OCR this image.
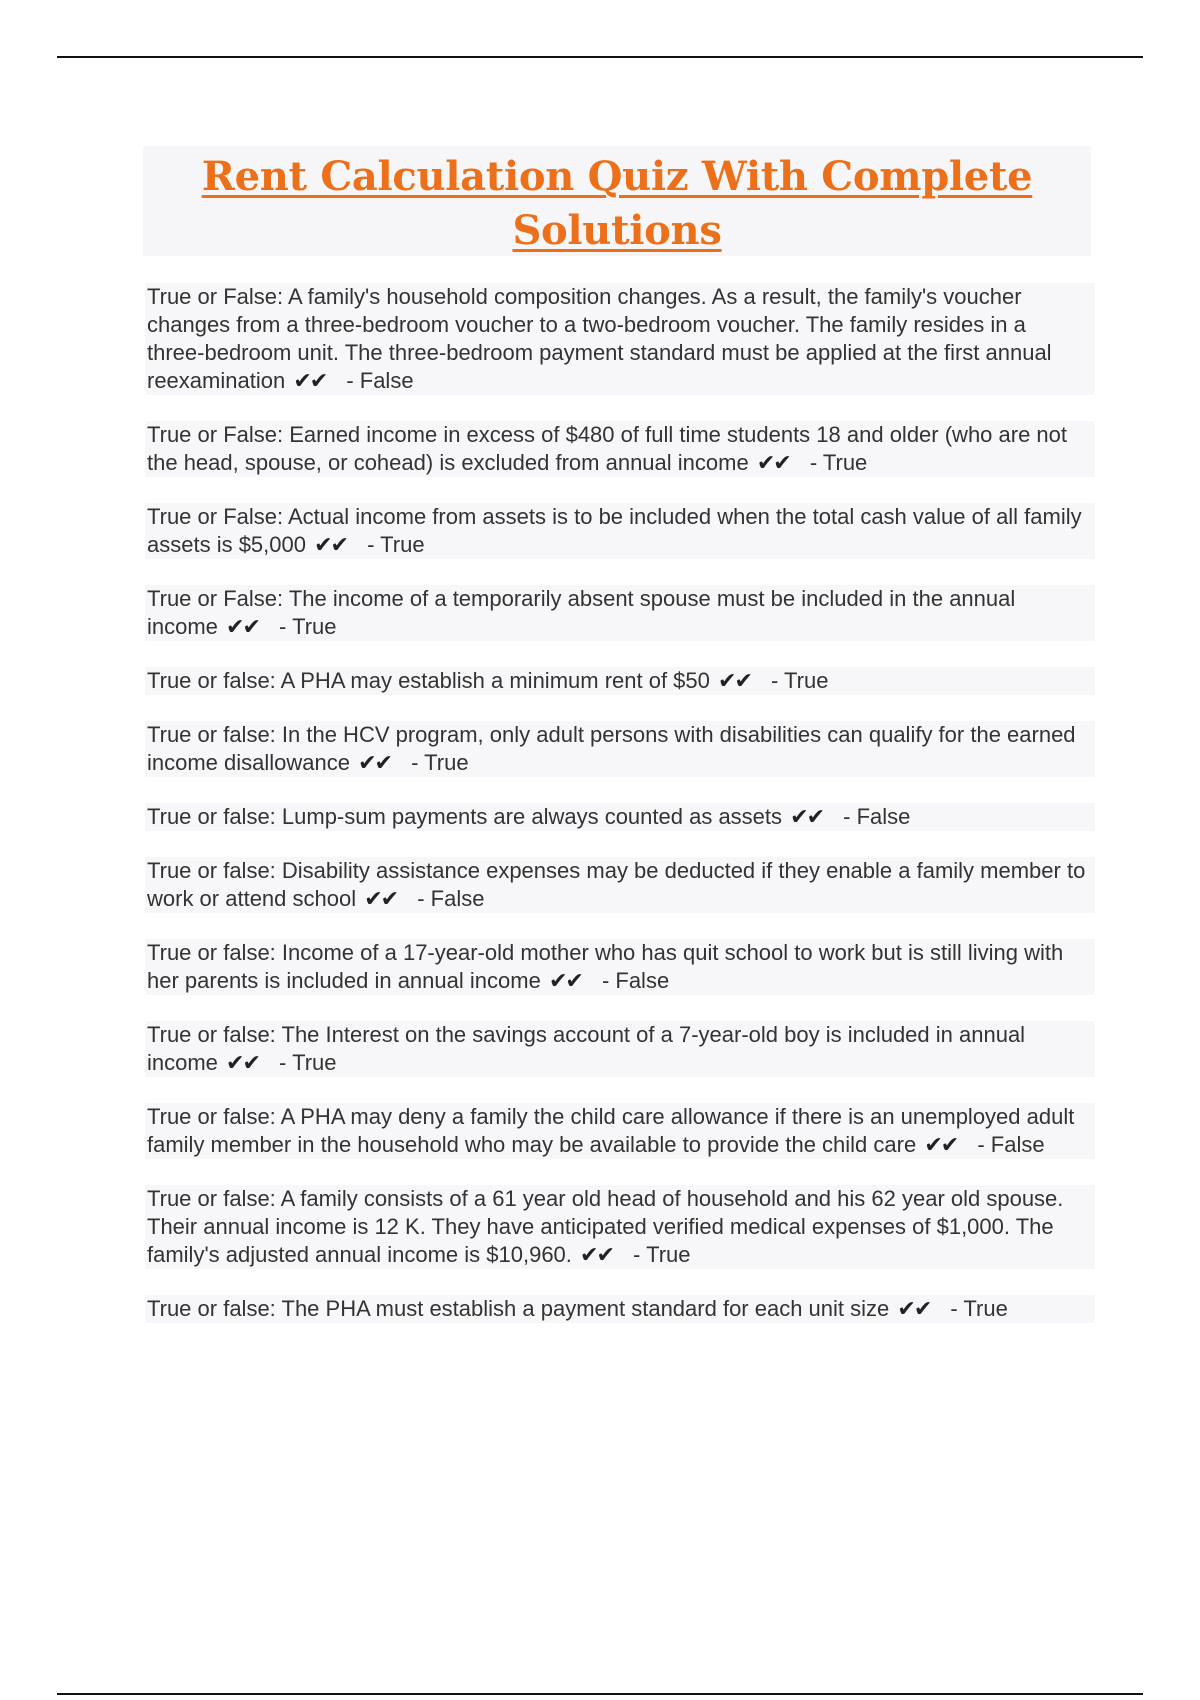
Rent Calculation Quiz With Complete Solutions
True or False: A family's household composition changes. As a result, the family's voucher changes from a three-bedroom voucher to a two-bedroom voucher. The family resides in a three-bedroom unit. The three-bedroom payment standard must be applied at the first annual reexamination ✔✔ - False
True or False: Earned income in excess of $480 of full time students 18 and older (who are not the head, spouse, or cohead) is excluded from annual income ✔✔ - True
True or False: Actual income from assets is to be included when the total cash value of all family assets is $5,000 ✔✔ - True
True or False: The income of a temporarily absent spouse must be included in the annual income ✔✔ - True
True or false: A PHA may establish a minimum rent of $50 ✔✔ - True
True or false: In the HCV program, only adult persons with disabilities can qualify for the earned income disallowance ✔✔ - True
True or false: Lump-sum payments are always counted as assets ✔✔ - False
True or false: Disability assistance expenses may be deducted if they enable a family member to work or attend school ✔✔ - False
True or false: Income of a 17-year-old mother who has quit school to work but is still living with her parents is included in annual income ✔✔ - False
True or false: The Interest on the savings account of a 7-year-old boy is included in annual income ✔✔ - True
True or false: A PHA may deny a family the child care allowance if there is an unemployed adult family member in the household who may be available to provide the child care ✔✔ - False
True or false: A family consists of a 61 year old head of household and his 62 year old spouse. Their annual income is 12 K. They have anticipated verified medical expenses of $1,000. The family's adjusted annual income is $10,960. ✔✔ - True
True or false: The PHA must establish a payment standard for each unit size ✔✔ - True
